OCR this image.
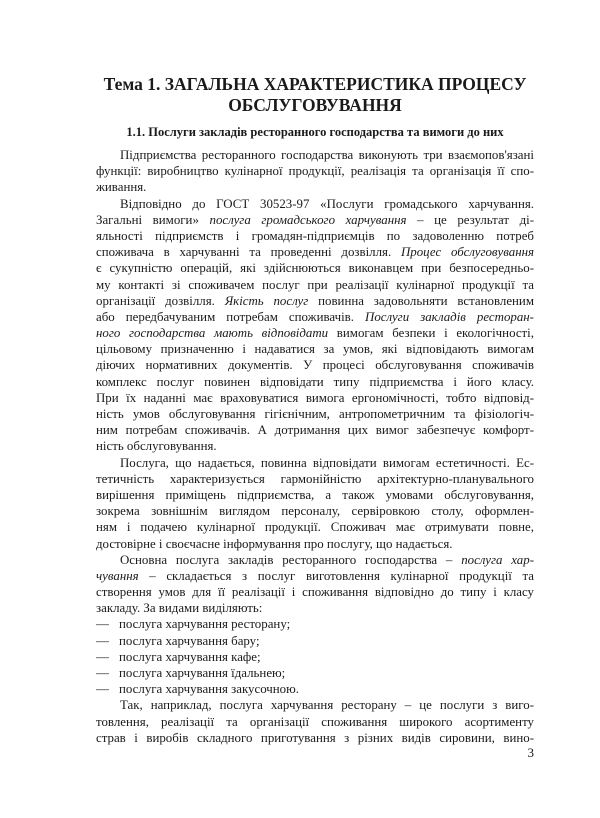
Тема 1. ЗАГАЛЬНА ХАРАКТЕРИСТИКА ПРОЦЕСУ
ОБСЛУГОВУВАННЯ
1.1. Послуги закладів ресторанного господарства та вимоги до них
Підприємства ресторанного господарства виконують три взаємопов'язані
функції: виробництво кулінарної продукції, реалізація та організація її спо-
живання.
Відповідно до ГОСТ 30523-97 «Послуги громадського харчування.
Загальні вимоги» послуга громадського харчування – це результат ді-
яльності підприємств і громадян-підприємців по задоволенню потреб
споживача в харчуванні та проведенні дозвілля. Процес обслуговування
є сукупністю операцій, які здійснюються виконавцем при безпосередньо-
му контакті зі споживачем послуг при реалізації кулінарної продукції та
організації дозвілля. Якість послуг повинна задовольняти встановленим
або передбачуваним потребам споживачів. Послуги закладів ресторан-
ного господарства мають відповідати вимогам безпеки і екологічності,
цільовому призначенню і надаватися за умов, які відповідають вимогам
діючих нормативних документів. У процесі обслуговування споживачів
комплекс послуг повинен відповідати типу підприємства і його класу.
При їх наданні має враховуватися вимога ергономічності, тобто відповід-
ність умов обслуговування гігієнічним, антропометричним та фізіологіч-
ним потребам споживачів. А дотримання цих вимог забезпечує комфорт-
ність обслуговування.
Послуга, що надається, повинна відповідати вимогам естетичності. Ес-
тетичність характеризується гармонійністю архітектурно-планувального
вирішення приміщень підприємства, а також умовами обслуговування,
зокрема зовнішнім виглядом персоналу, сервіровкою столу, оформлен-
ням і подачею кулінарної продукції. Споживач має отримувати повне,
достовірне і своєчасне інформування про послугу, що надається.
Основна послуга закладів ресторанного господарства – послуга хар-
чування – складається з послуг виготовлення кулінарної продукції та
створення умов для її реалізації і споживання відповідно до типу і класу
закладу. За видами виділяють:
— послуга харчування ресторану;
— послуга харчування бару;
— послуга харчування кафе;
— послуга харчування їдальнею;
— послуга харчування закусочною.
Так, наприклад, послуга харчування ресторану – це послуги з виго-
товлення, реалізації та організації споживання широкого асортименту
страв і виробів складного приготування з різних видів сировини, вино-
3
